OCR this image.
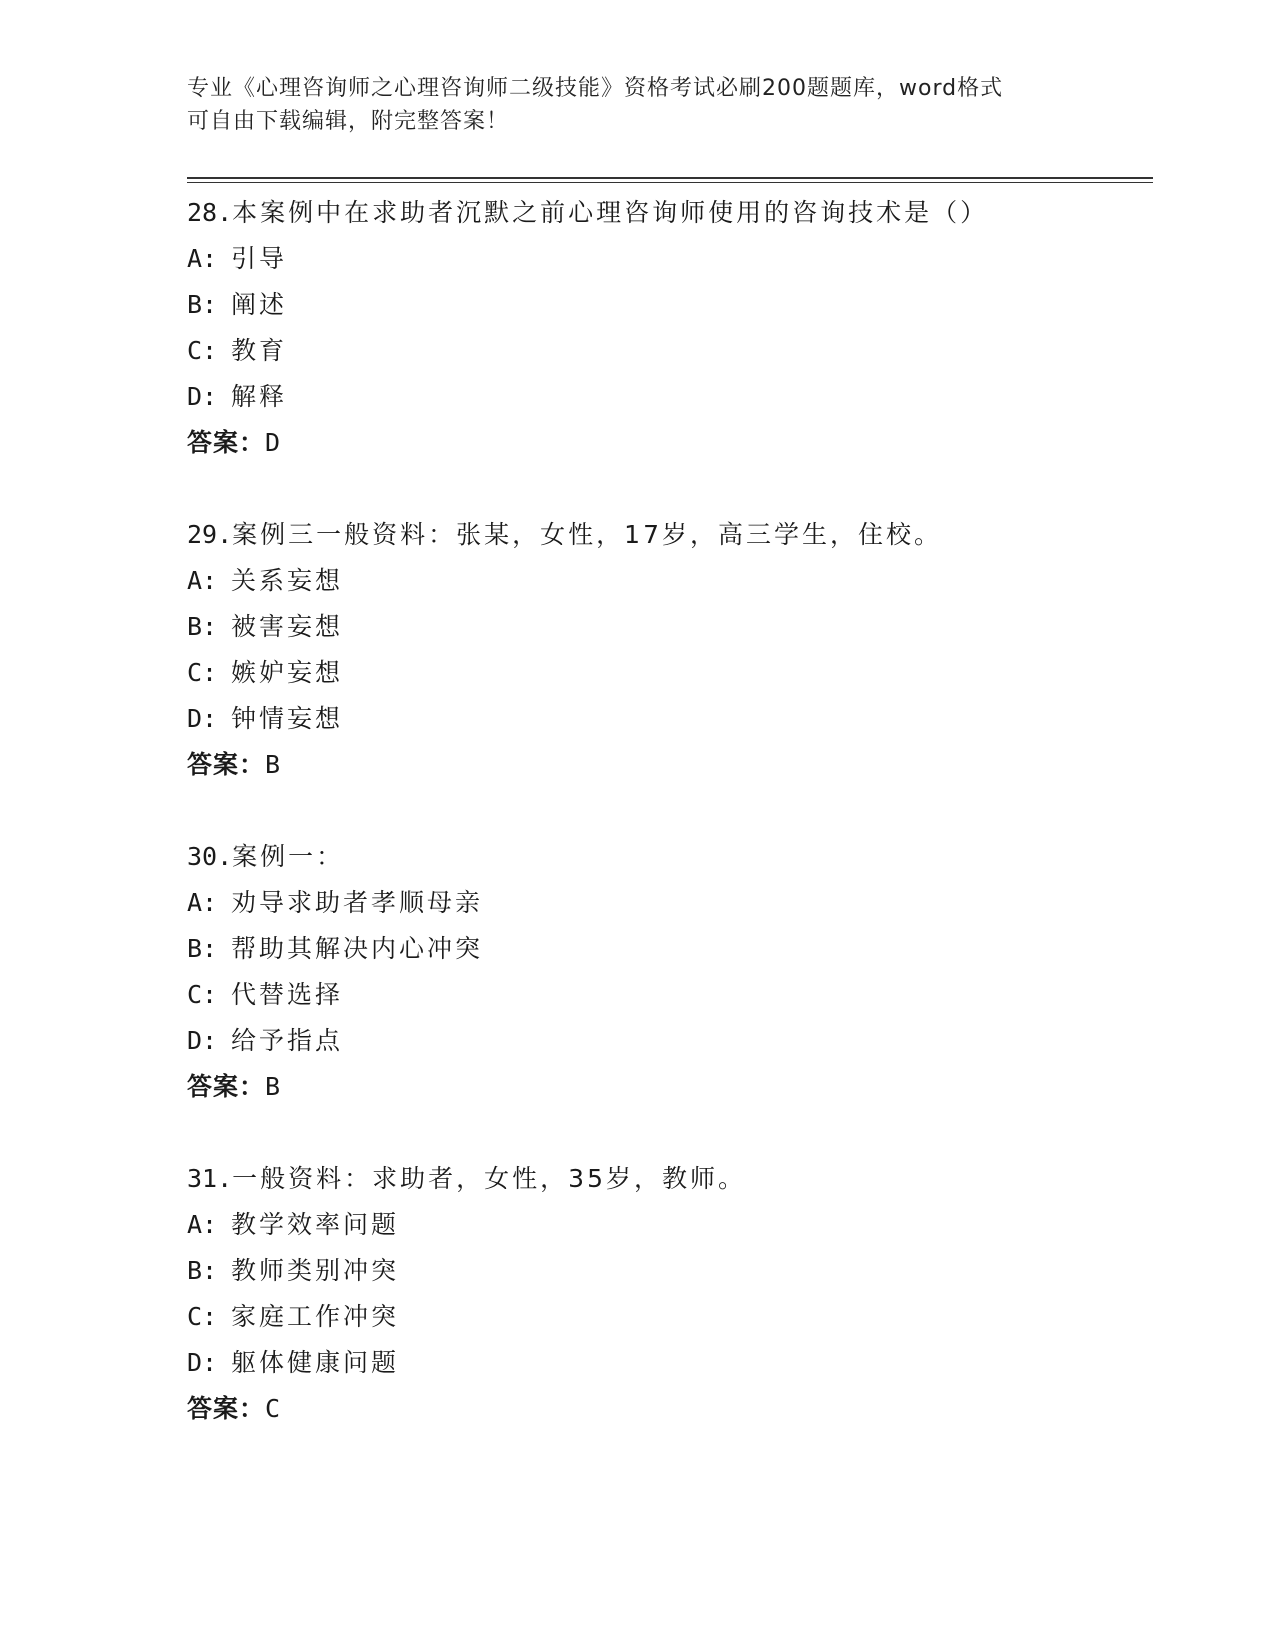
专业《心理咨询师之心理咨询师二级技能》资格考试必刷200题题库，word格式
可自由下载编辑，附完整答案！
28.本案例中在求助者沉默之前心理咨询师使用的咨询技术是（）
A: 引导
B: 阐述
C: 教育
D: 解释
答案：D
29.案例三一般资料：张某，女性，17岁，高三学生，住校。
A: 关系妄想
B: 被害妄想
C: 嫉妒妄想
D: 钟情妄想
答案：B
30.案例一：
A: 劝导求助者孝顺母亲
B: 帮助其解决内心冲突
C: 代替选择
D: 给予指点
答案：B
31.一般资料：求助者，女性，35岁，教师。
A: 教学效率问题
B: 教师类别冲突
C: 家庭工作冲突
D: 躯体健康问题
答案：C
